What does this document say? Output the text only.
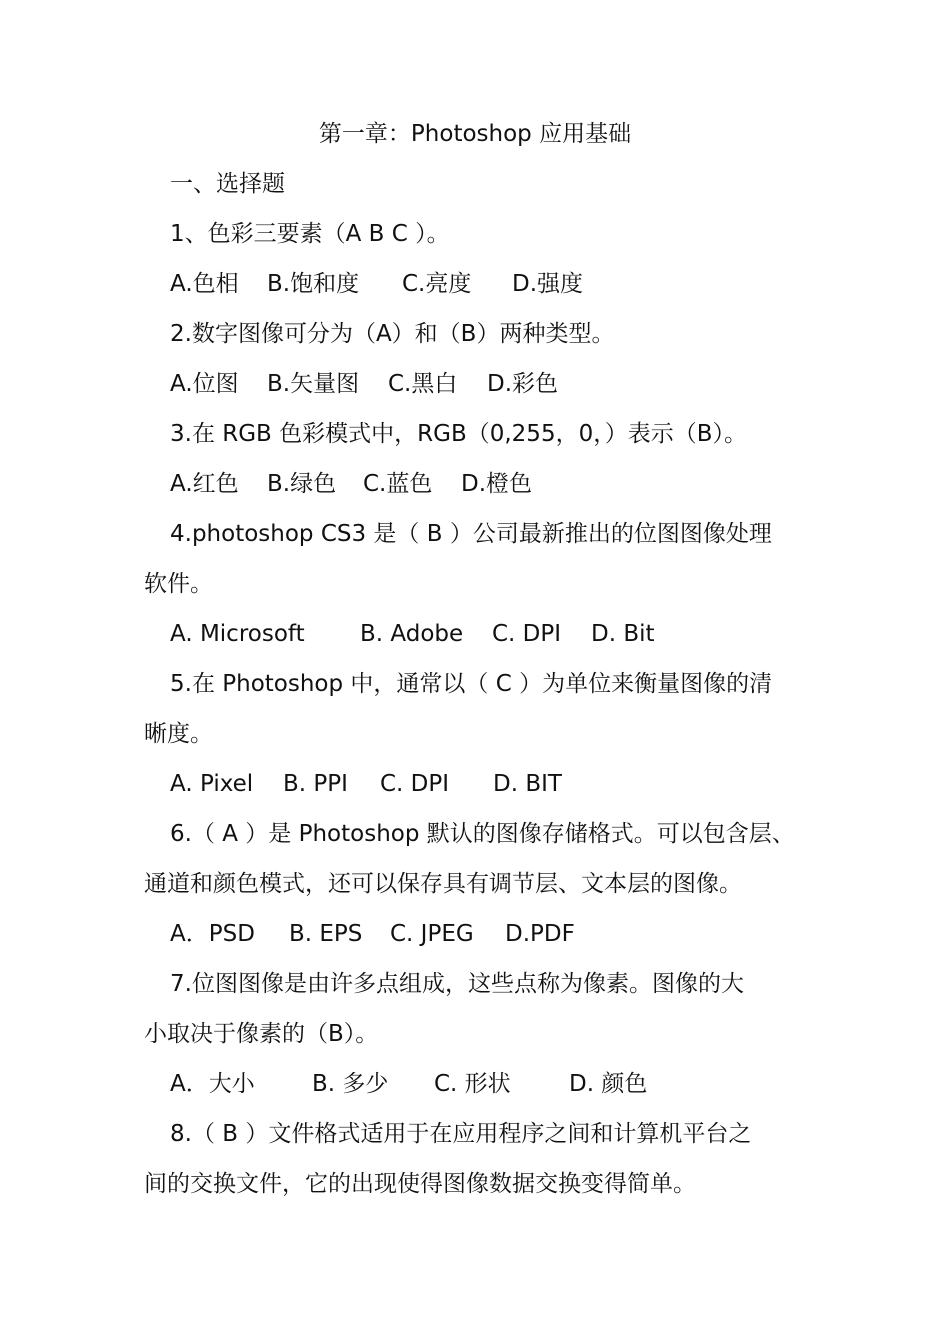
第一章：Photoshop 应用基础
一、选择题
1、色彩三要素（A B C ）。
A.色相 B.饱和度 C.亮度 D.强度
2.数字图像可分为（A）和（B）两种类型。
A.位图 B.矢量图 C.黑白 D.彩色
3.在 RGB 色彩模式中，RGB（0,255，0，）表示（B）。
A.红色 B.绿色 C.蓝色 D.橙色
4.photoshop CS3 是（ B ）公司最新推出的位图图像处理
软件。
A. Microsoft B. Adobe C. DPI D. Bit
5.在 Photoshop 中，通常以（ C ）为单位来衡量图像的清
晰度。
A. Pixel B. PPI C. DPI D. BIT
6.（ A ）是 Photoshop 默认的图像存储格式。可以包含层、
通道和颜色模式，还可以保存具有调节层、文本层的图像。
A．PSD B. EPS C. JPEG D.PDF
7.位图图像是由许多点组成，这些点称为像素。图像的大
小取决于像素的（B）。
A．大小 B. 多少 C. 形状	D. 颜色
8.（ B ）文件格式适用于在应用程序之间和计算机平台之
间的交换文件，它的出现使得图像数据交换变得简单。
